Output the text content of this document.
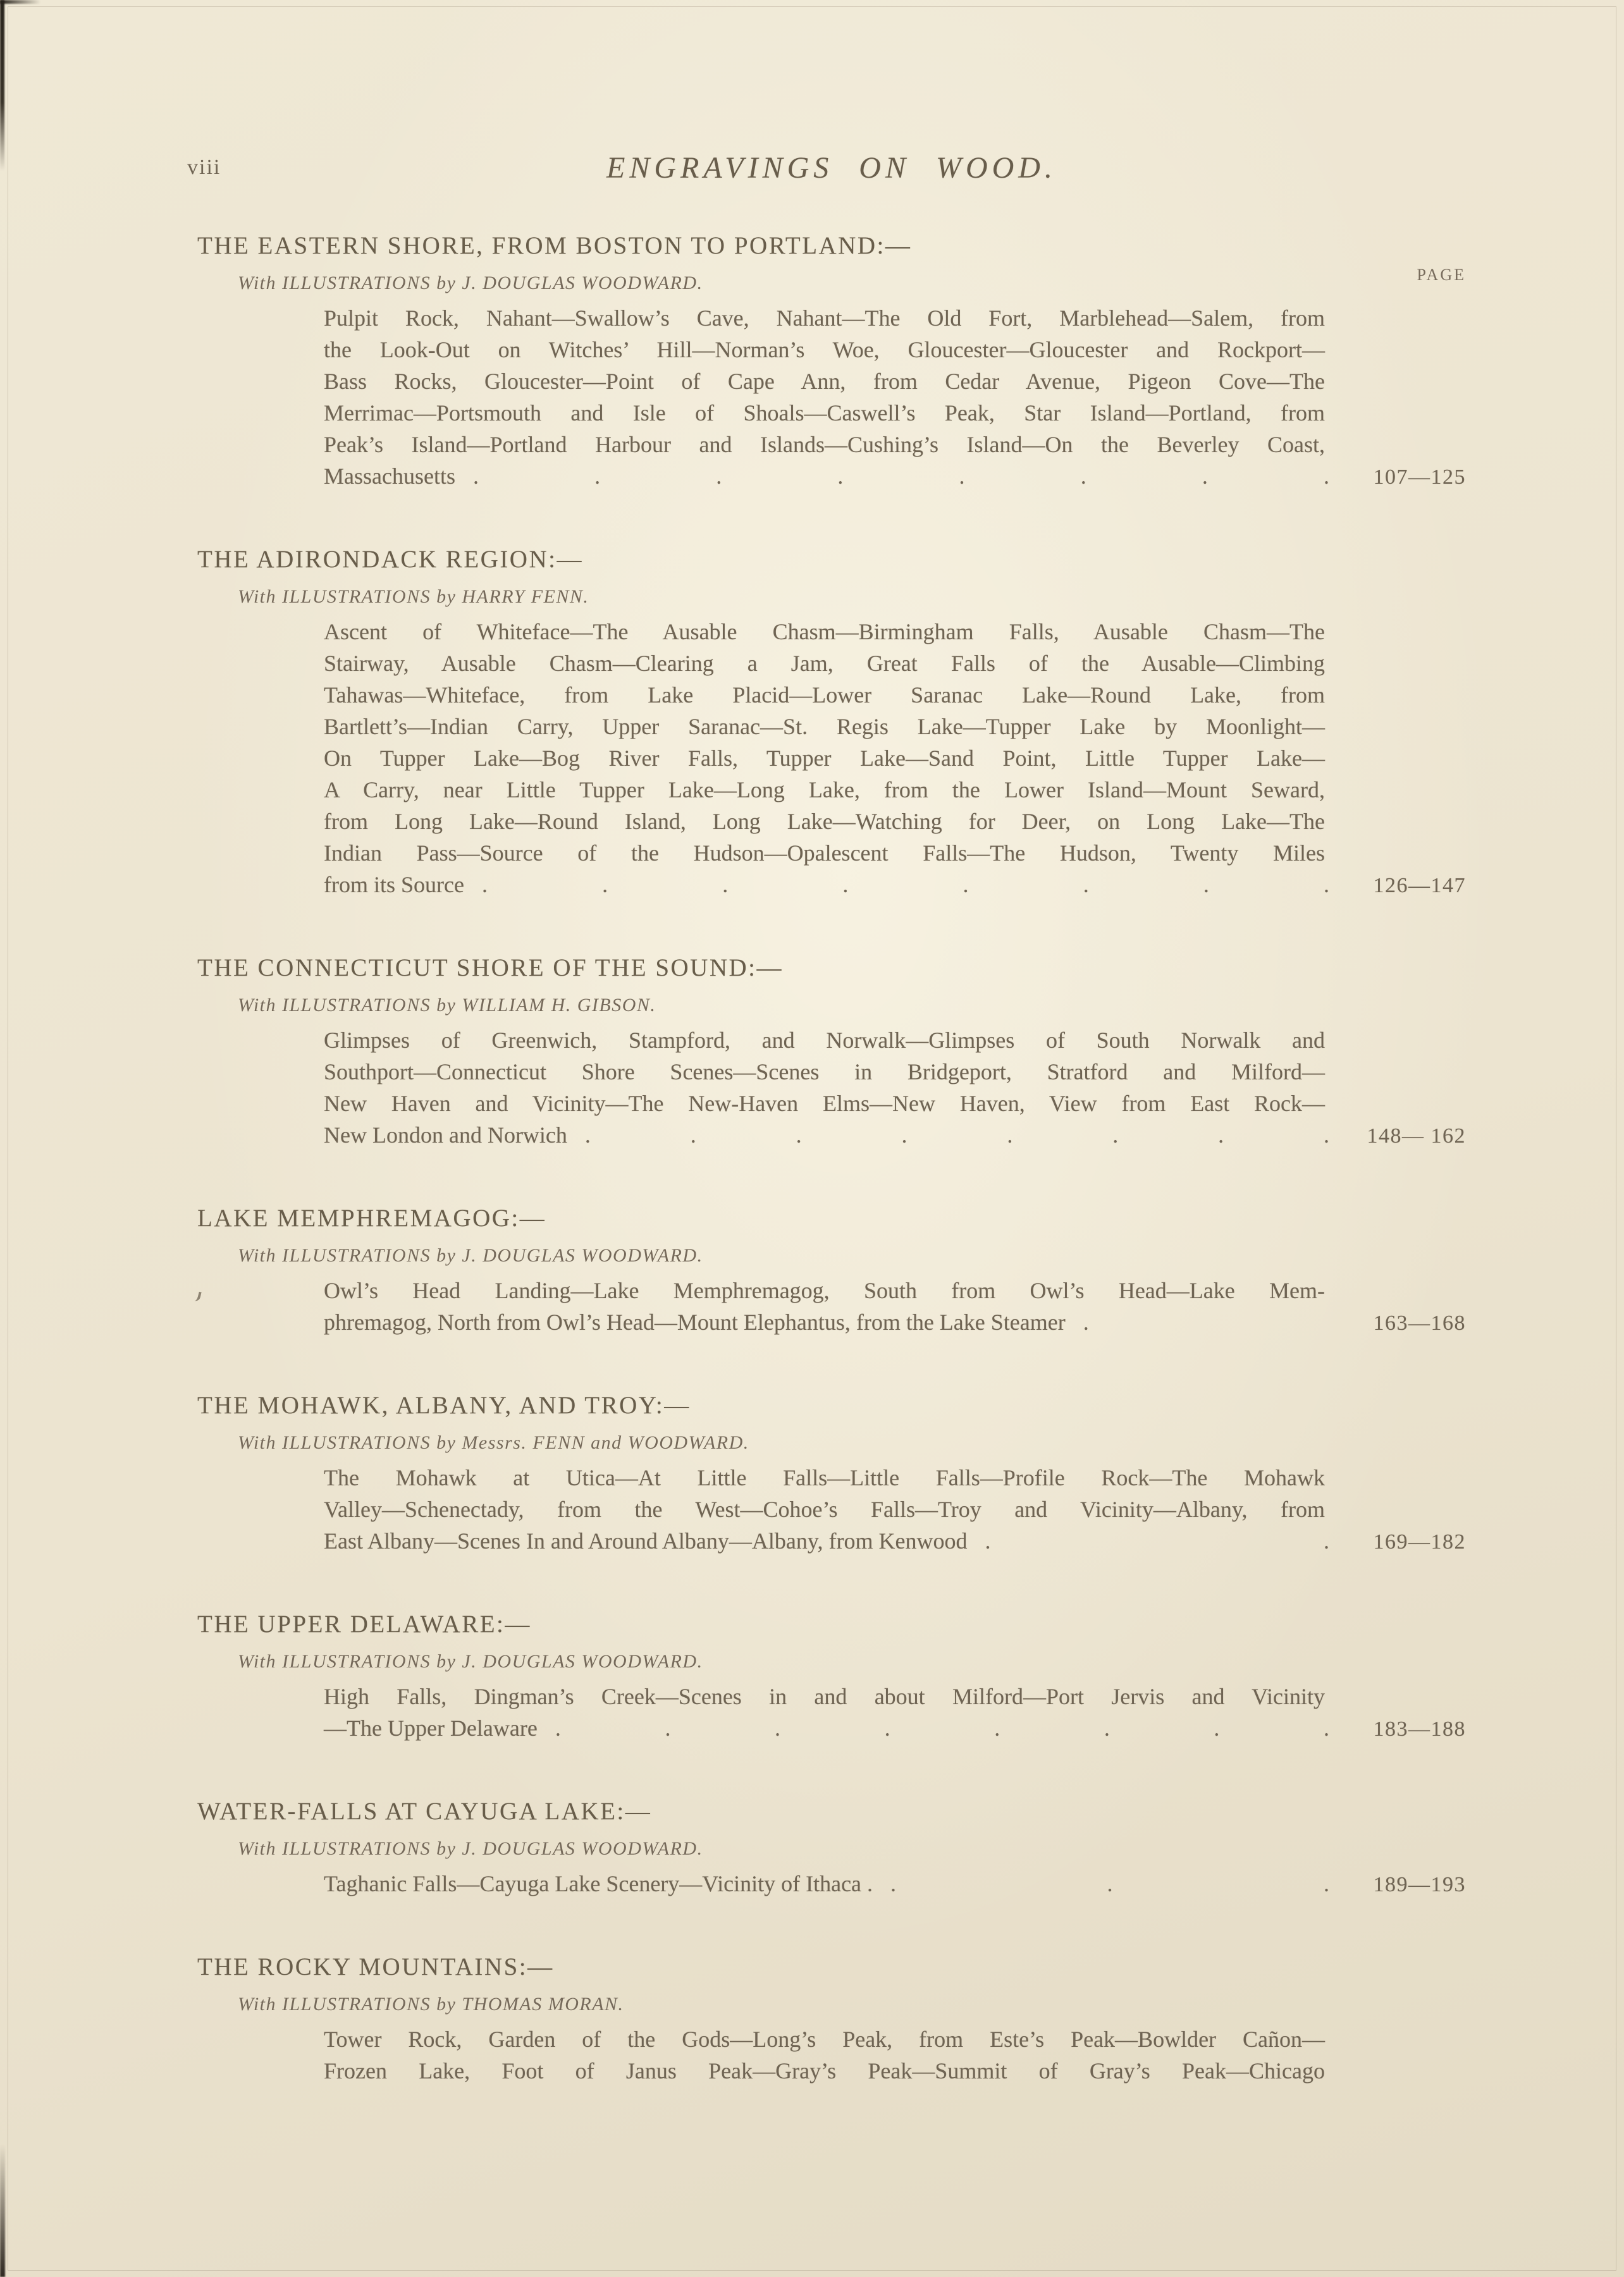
viii	ENGRAVINGS ON WOOD.
PAGE
THE EASTERN SHORE, FROM BOSTON TO PORTLAND:—
With ILLUSTRATIONS by J. DOUGLAS WOODWARD.
Pulpit Rock, Nahant—Swallow’s Cave, Nahant—The Old Fort, Marblehead—Salem, from
the Look-Out on Witches’ Hill—Norman’s Woe, Gloucester—Gloucester and Rockport—
Bass Rocks, Gloucester—Point of Cape Ann, from Cedar Avenue, Pigeon Cove—The
Merrimac—Portsmouth and Isle of Shoals—Caswell’s Peak, Star Island—Portland, from
Peak’s Island—Portland Harbour and Islands—Cushing’s Island—On the Beverley Coast,
Massachusetts . . . . . . . .	107—125
THE ADIRONDACK REGION:—
With ILLUSTRATIONS by HARRY FENN.
Ascent of Whiteface—The Ausable Chasm—Birmingham Falls, Ausable Chasm—The
Stairway, Ausable Chasm—Clearing a Jam, Great Falls of the Ausable—Climbing
Tahawas—Whiteface, from Lake Placid—Lower Saranac Lake—Round Lake, from
Bartlett’s—Indian Carry, Upper Saranac—St. Regis Lake—Tupper Lake by Moonlight—
On Tupper Lake—Bog River Falls, Tupper Lake—Sand Point, Little Tupper Lake—
A Carry, near Little Tupper Lake—Long Lake, from the Lower Island—Mount Seward,
from Long Lake—Round Island, Long Lake—Watching for Deer, on Long Lake—The
Indian Pass—Source of the Hudson—Opalescent Falls—The Hudson, Twenty Miles
from its Source . . . . . . . .	126—147
THE CONNECTICUT SHORE OF THE SOUND:—
With ILLUSTRATIONS by WILLIAM H. GIBSON.
Glimpses of Greenwich, Stampford, and Norwalk—Glimpses of South Norwalk and
Southport—Connecticut Shore Scenes—Scenes in Bridgeport, Stratford and Milford—
New Haven and Vicinity—The New-Haven Elms—New Haven, View from East Rock—
New London and Norwich . . . . . . . .	148— 162
LAKE MEMPHREMAGOG:—
With ILLUSTRATIONS by J. DOUGLAS WOODWARD.
Owl’s Head Landing—Lake Memphremagog, South from Owl’s Head—Lake Mem-
phremagog, North from Owl’s Head—Mount Elephantus, from the Lake Steamer .	163—168
THE MOHAWK, ALBANY, AND TROY:—
With ILLUSTRATIONS by Messrs. FENN and WOODWARD.
The Mohawk at Utica—At Little Falls—Little Falls—Profile Rock—The Mohawk
Valley—Schenectady, from the West—Cohoe’s Falls—Troy and Vicinity—Albany, from
East Albany—Scenes In and Around Albany—Albany, from Kenwood . .	169—182
THE UPPER DELAWARE:—
With ILLUSTRATIONS by J. DOUGLAS WOODWARD.
High Falls, Dingman’s Creek—Scenes in and about Milford—Port Jervis and Vicinity
—The Upper Delaware . . . . . . . .	183—188
WATER-FALLS AT CAYUGA LAKE:—
With ILLUSTRATIONS by J. DOUGLAS WOODWARD.
Taghanic Falls—Cayuga Lake Scenery—Vicinity of Ithaca . . . .	189—193
THE ROCKY MOUNTAINS:—
With ILLUSTRATIONS by THOMAS MORAN.
Tower Rock, Garden of the Gods—Long’s Peak, from Este’s Peak—Bowlder Cañon—
Frozen Lake, Foot of Janus Peak—Gray’s Peak—Summit of Gray’s Peak—Chicago
